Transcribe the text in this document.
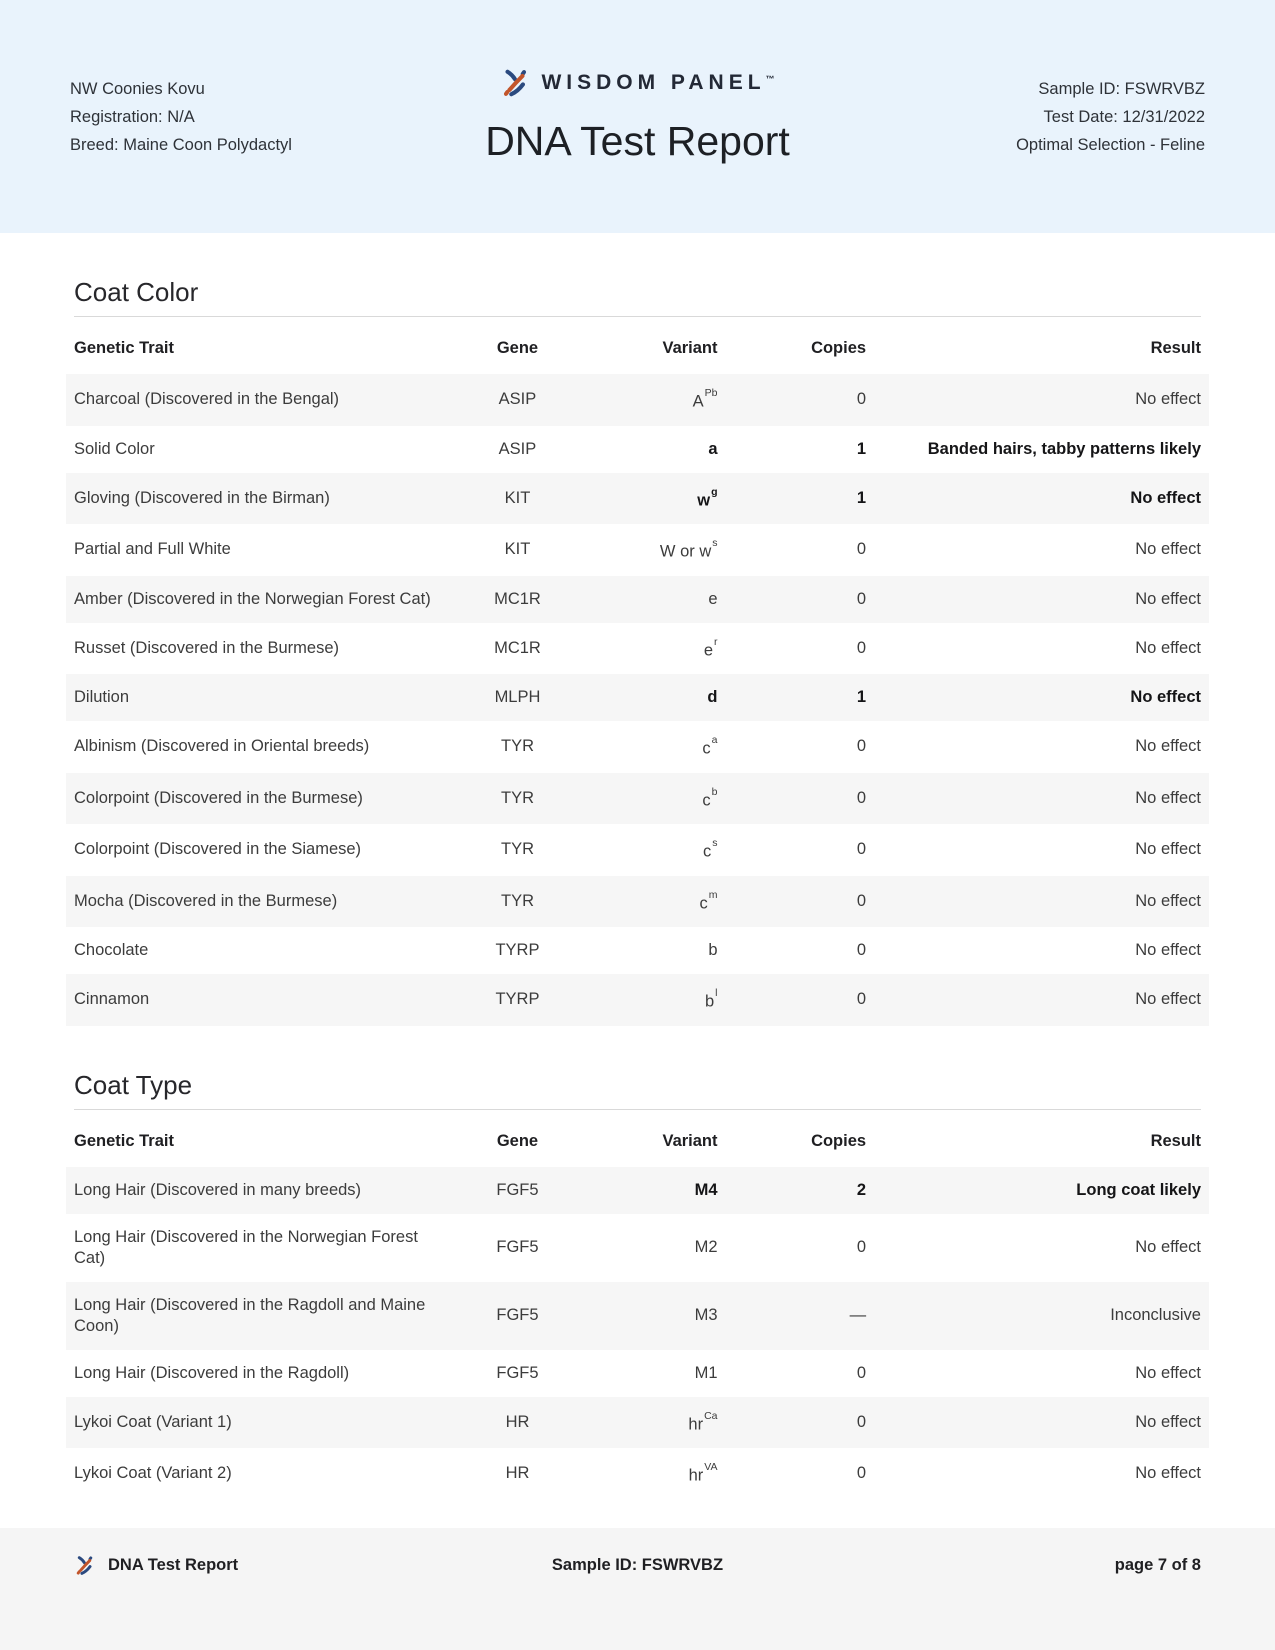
NW Coonies Kovu
Registration: N/A
Breed: Maine Coon Polydactyl
WISDOM PANEL™
DNA Test Report
Sample ID: FSWRVBZ
Test Date: 12/31/2022
Optimal Selection - Feline
Coat Color
Genetic Trait	Gene	Variant	Copies	Result
Charcoal (Discovered in the Bengal)	ASIP	$A^{Pb}$	0	No effect
Solid Color	ASIP	a	1	Banded hairs, tabby patterns likely
Gloving (Discovered in the Birman)	KIT	$w^g$	1	No effect
Partial and Full White	KIT	W or $w^s$	0	No effect
Amber (Discovered in the Norwegian Forest Cat)	MC1R	e	0	No effect
Russet (Discovered in the Burmese)	MC1R	$e^r$	0	No effect
Dilution	MLPH	d	1	No effect
Albinism (Discovered in Oriental breeds)	TYR	$c^a$	0	No effect
Colorpoint (Discovered in the Burmese)	TYR	$c^b$	0	No effect
Colorpoint (Discovered in the Siamese)	TYR	$c^s$	0	No effect
Mocha (Discovered in the Burmese)	TYR	$c^m$	0	No effect
Chocolate	TYRP	b	0	No effect
Cinnamon	TYRP	$b^l$	0	No effect
Coat Type
Genetic Trait	Gene	Variant	Copies	Result
Long Hair (Discovered in many breeds)	FGF5	M4	2	Long coat likely
Long Hair (Discovered in the Norwegian Forest Cat)	FGF5	M2	0	No effect
Long Hair (Discovered in the Ragdoll and Maine Coon)	FGF5	M3	—	Inconclusive
Long Hair (Discovered in the Ragdoll)	FGF5	M1	0	No effect
Lykoi Coat (Variant 1)	HR	$hr^{Ca}$	0	No effect
Lykoi Coat (Variant 2)	HR	$hr^{VA}$	0	No effect
DNA Test Report	Sample ID: FSWRVBZ	page 7 of 8
